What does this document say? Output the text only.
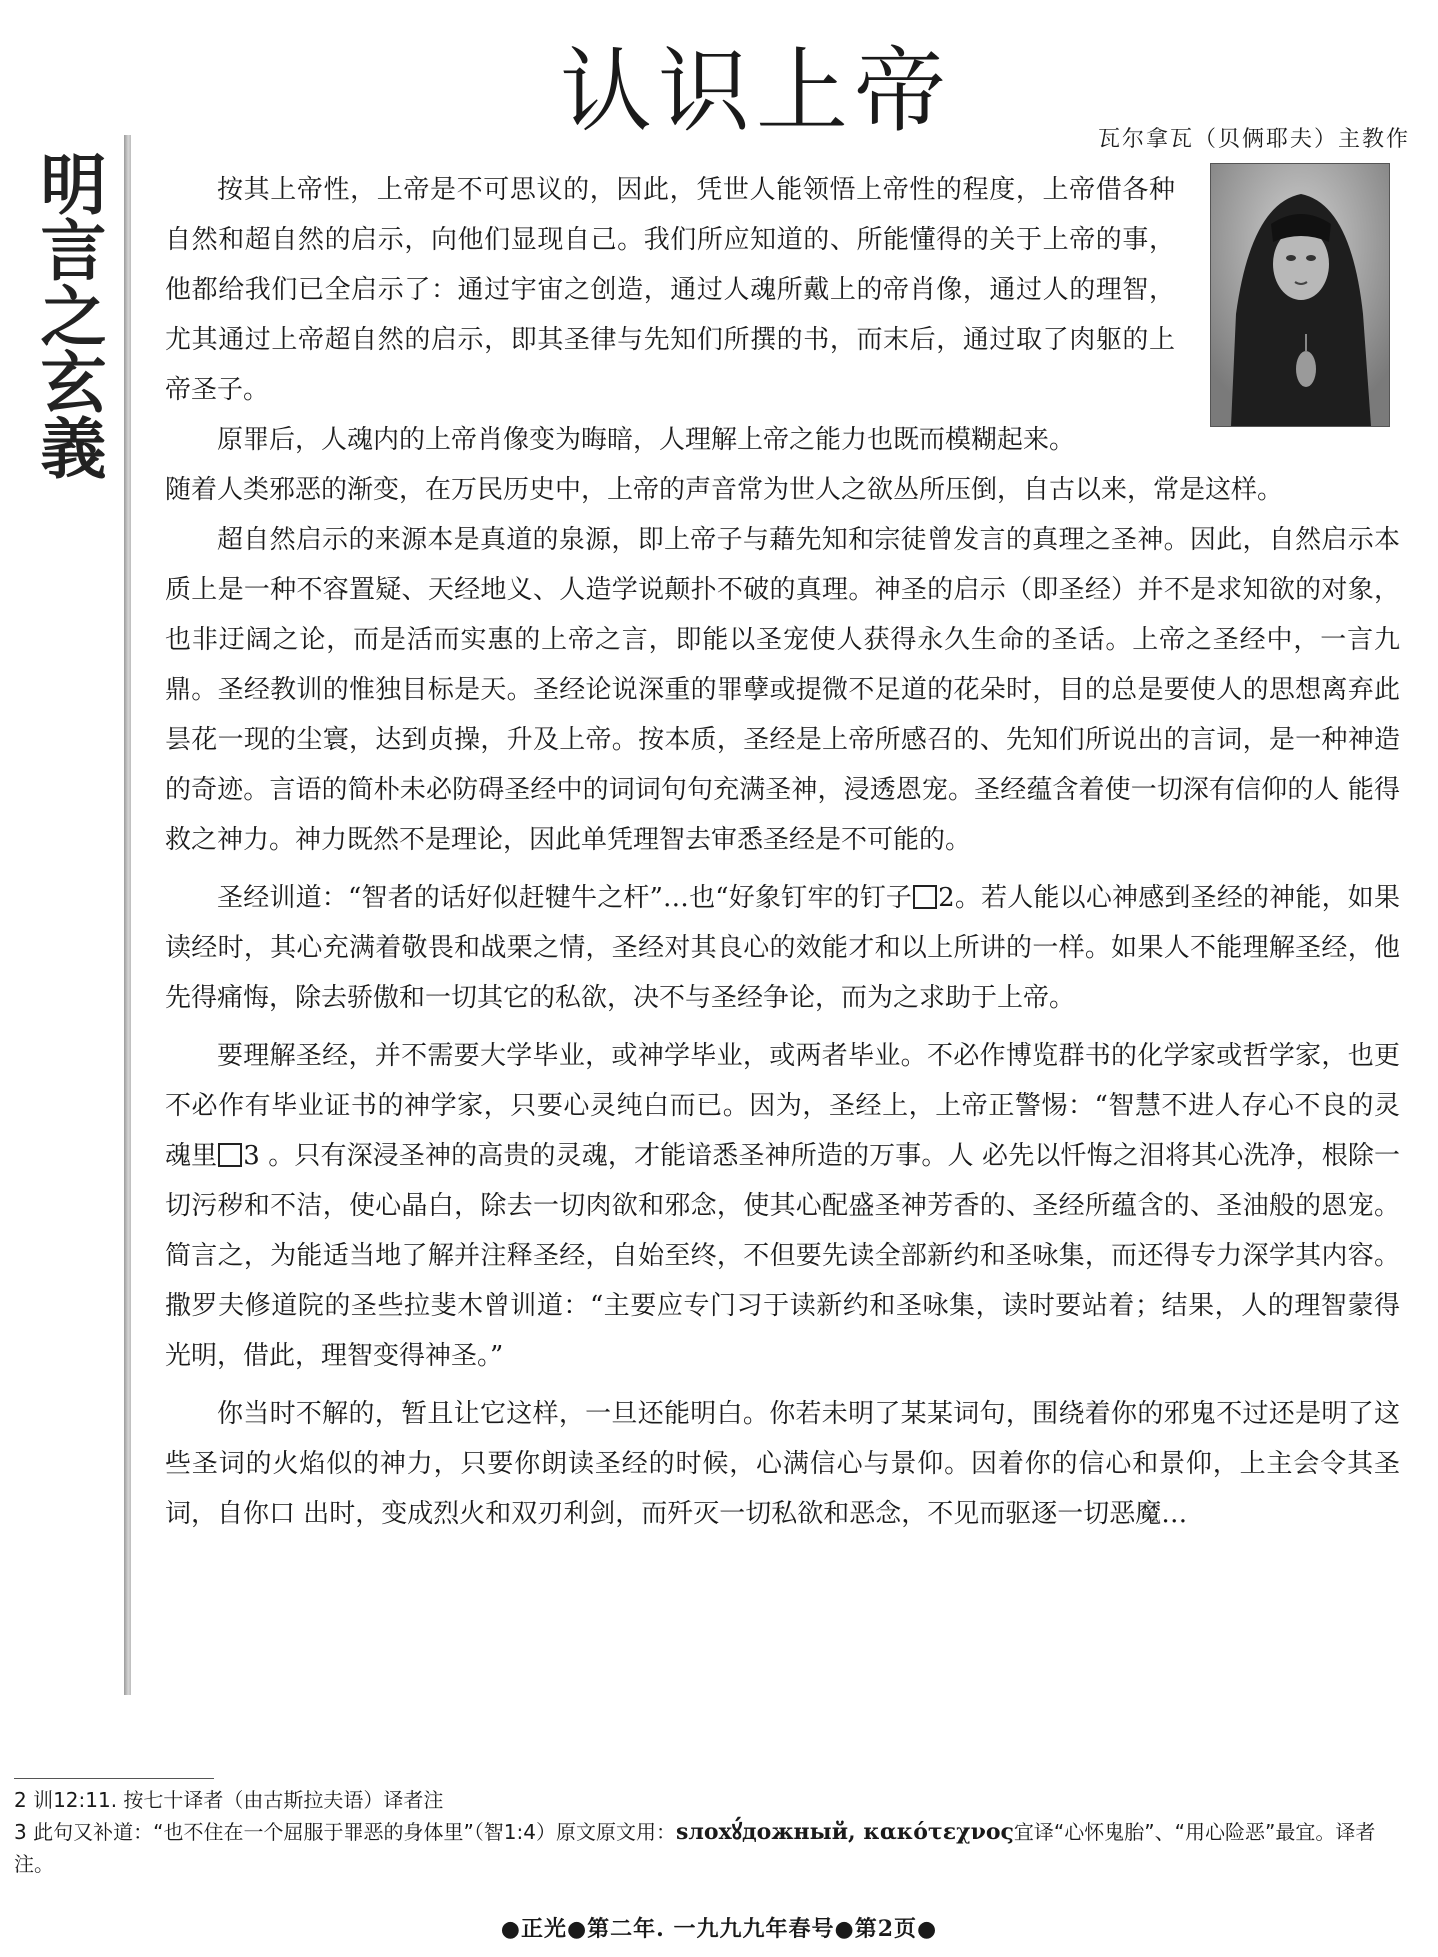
认识上帝	瓦尔拿瓦（贝俩耶夫）主教作
明言之玄義	按其上帝性，上帝是不可思议的，因此，凭世人能领悟上帝性的程度，上帝借各种自然和超自然的启示，向他们显现自己。我们所应知道的、所能懂得的关于上帝的事，他都给我们已全启示了：通过宇宙之创造，通过人魂所戴上的帝肖像，通过人的理智，尤其通过上帝超自然的启示，即其圣律与先知们所撰的书，而末后，通过取了肉躯的上帝圣子。

原罪后，人魂内的上帝肖像变为晦暗，人理解上帝之能力也既而模糊起来。

随着人类邪恶的渐变，在万民历史中，上帝的声音常为世人之欲丛所压倒，自古以来，常是这样。

超自然启示的来源本是真道的泉源，即上帝子与藉先知和宗徒曾发言的真理之圣神。因此，自然启示本质上是一种不容置疑、天经地义、人造学说颠扑不破的真理。神圣的启示（即圣经）并不是求知欲的对象，也非迂阔之论，而是活而实惠的上帝之言，即能以圣宠使人获得永久生命的圣话。上帝之圣经中，一言九鼎。圣经教训的惟独目标是天。圣经论说深重的罪孽或提微不足道的花朵时，目的总是要使人的思想离弃此昙花一现的尘寰，达到贞操，升及上帝。按本质，圣经是上帝所感召的、先知们所说出的言词，是一种神造的奇迹。言语的简朴未必防碍圣经中的词词句句充满圣神，浸透恩宠。圣经蕴含着使一切深有信仰的人 能得救之神力。神力既然不是理论，因此单凭理智去审悉圣经是不可能的。

圣经训道：“智者的话好似赶犍牛之杆”…也“好象钉牢的钉子 2。若人能以心神感到圣经的神能，如果读经时，其心充满着敬畏和战栗之情，圣经对其良心的效能才和以上所讲的一样。如果人不能理解圣经，他先得痛悔，除去骄傲和一切其它的私欲，决不与圣经争论，而为之求助于上帝。

要理解圣经，并不需要大学毕业，或神学毕业，或两者毕业。不必作博览群书的化学家或哲学家，也更不必作有毕业证书的神学家，只要心灵纯白而已。因为，圣经上，上帝正警惕：“智慧不进人存心不良的灵魂里 3 。只有深浸圣神的高贵的灵魂，才能谙悉圣神所造的万事。人 必先以忏悔之泪将其心洗净，根除一切污秽和不洁，使心晶白，除去一切肉欲和邪念，使其心配盛圣神芳香的、圣经所蕴含的、圣油般的恩宠。简言之，为能适当地了解并注释圣经，自始至终，不但要先读全部新约和圣咏集，而还得专力深学其内容。撒罗夫修道院的圣些拉斐木曾训道：“主要应专门习于读新约和圣咏集，读时要站着；结果，人的理智蒙得光明，借此，理智变得神圣。”

你当时不解的，暂且让它这样，一旦还能明白。你若未明了某某词句，围绕着你的邪鬼不过还是明了这些圣词的火焰似的神力，只要你朗读圣经的时候，心满信心与景仰。因着你的信心和景仰，上主会令其圣词，自你口 出时，变成烈火和双刃利剑，而歼灭一切私欲和恶念，不见而驱逐一切恶魔…

2 训12:11. 按七十译者（由古斯拉夫语）译者注

3 此句又补道：“也不住在一个屈服于罪恶的身体里”（智1:4）原文原文用：ѕлохꙋ́дожный, κακότεχνος宜译“心怀鬼胎”、“用心险恶”最宜。译者注。

●正光●第二年. 一九九九年春号●第2页●
